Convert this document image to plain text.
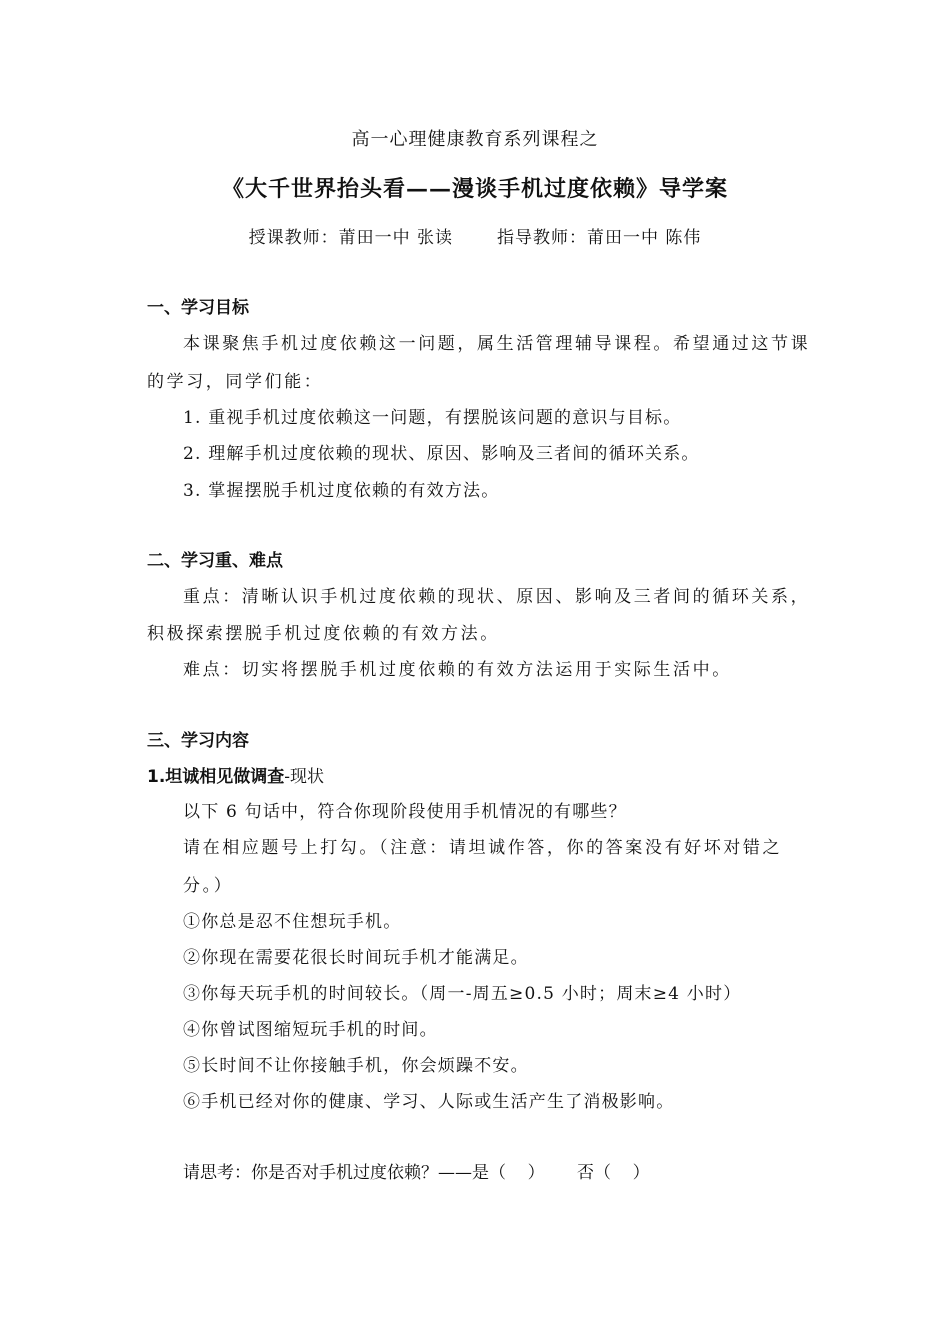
高一心理健康教育系列课程之
《大千世界抬头看——漫谈手机过度依赖》导学案
授课教师：莆田一中 张读	指导教师：莆田一中 陈伟
一、学习目标
本课聚焦手机过度依赖这一问题，属生活管理辅导课程。希望通过这节课
的学习，同学们能：
1. 重视手机过度依赖这一问题，有摆脱该问题的意识与目标。
2. 理解手机过度依赖的现状、原因、影响及三者间的循环关系。
3. 掌握摆脱手机过度依赖的有效方法。
二、学习重、难点
重点：清晰认识手机过度依赖的现状、原因、影响及三者间的循环关系，
积极探索摆脱手机过度依赖的有效方法。
难点：切实将摆脱手机过度依赖的有效方法运用于实际生活中。
三、学习内容
1.坦诚相见做调查-现状
以下 6 句话中，符合你现阶段使用手机情况的有哪些？
请在相应题号上打勾。（注意：请坦诚作答，你的答案没有好坏对错之
分。）
①你总是忍不住想玩手机。
②你现在需要花很长时间玩手机才能满足。
③你每天玩手机的时间较长。（周一-周五≥0.5 小时；周末≥4 小时）
④你曾试图缩短玩手机的时间。
⑤长时间不让你接触手机，你会烦躁不安。
⑥手机已经对你的健康、学习、人际或生活产生了消极影响。
请思考：你是否对手机过度依赖？——是（    ）      否（    ）
